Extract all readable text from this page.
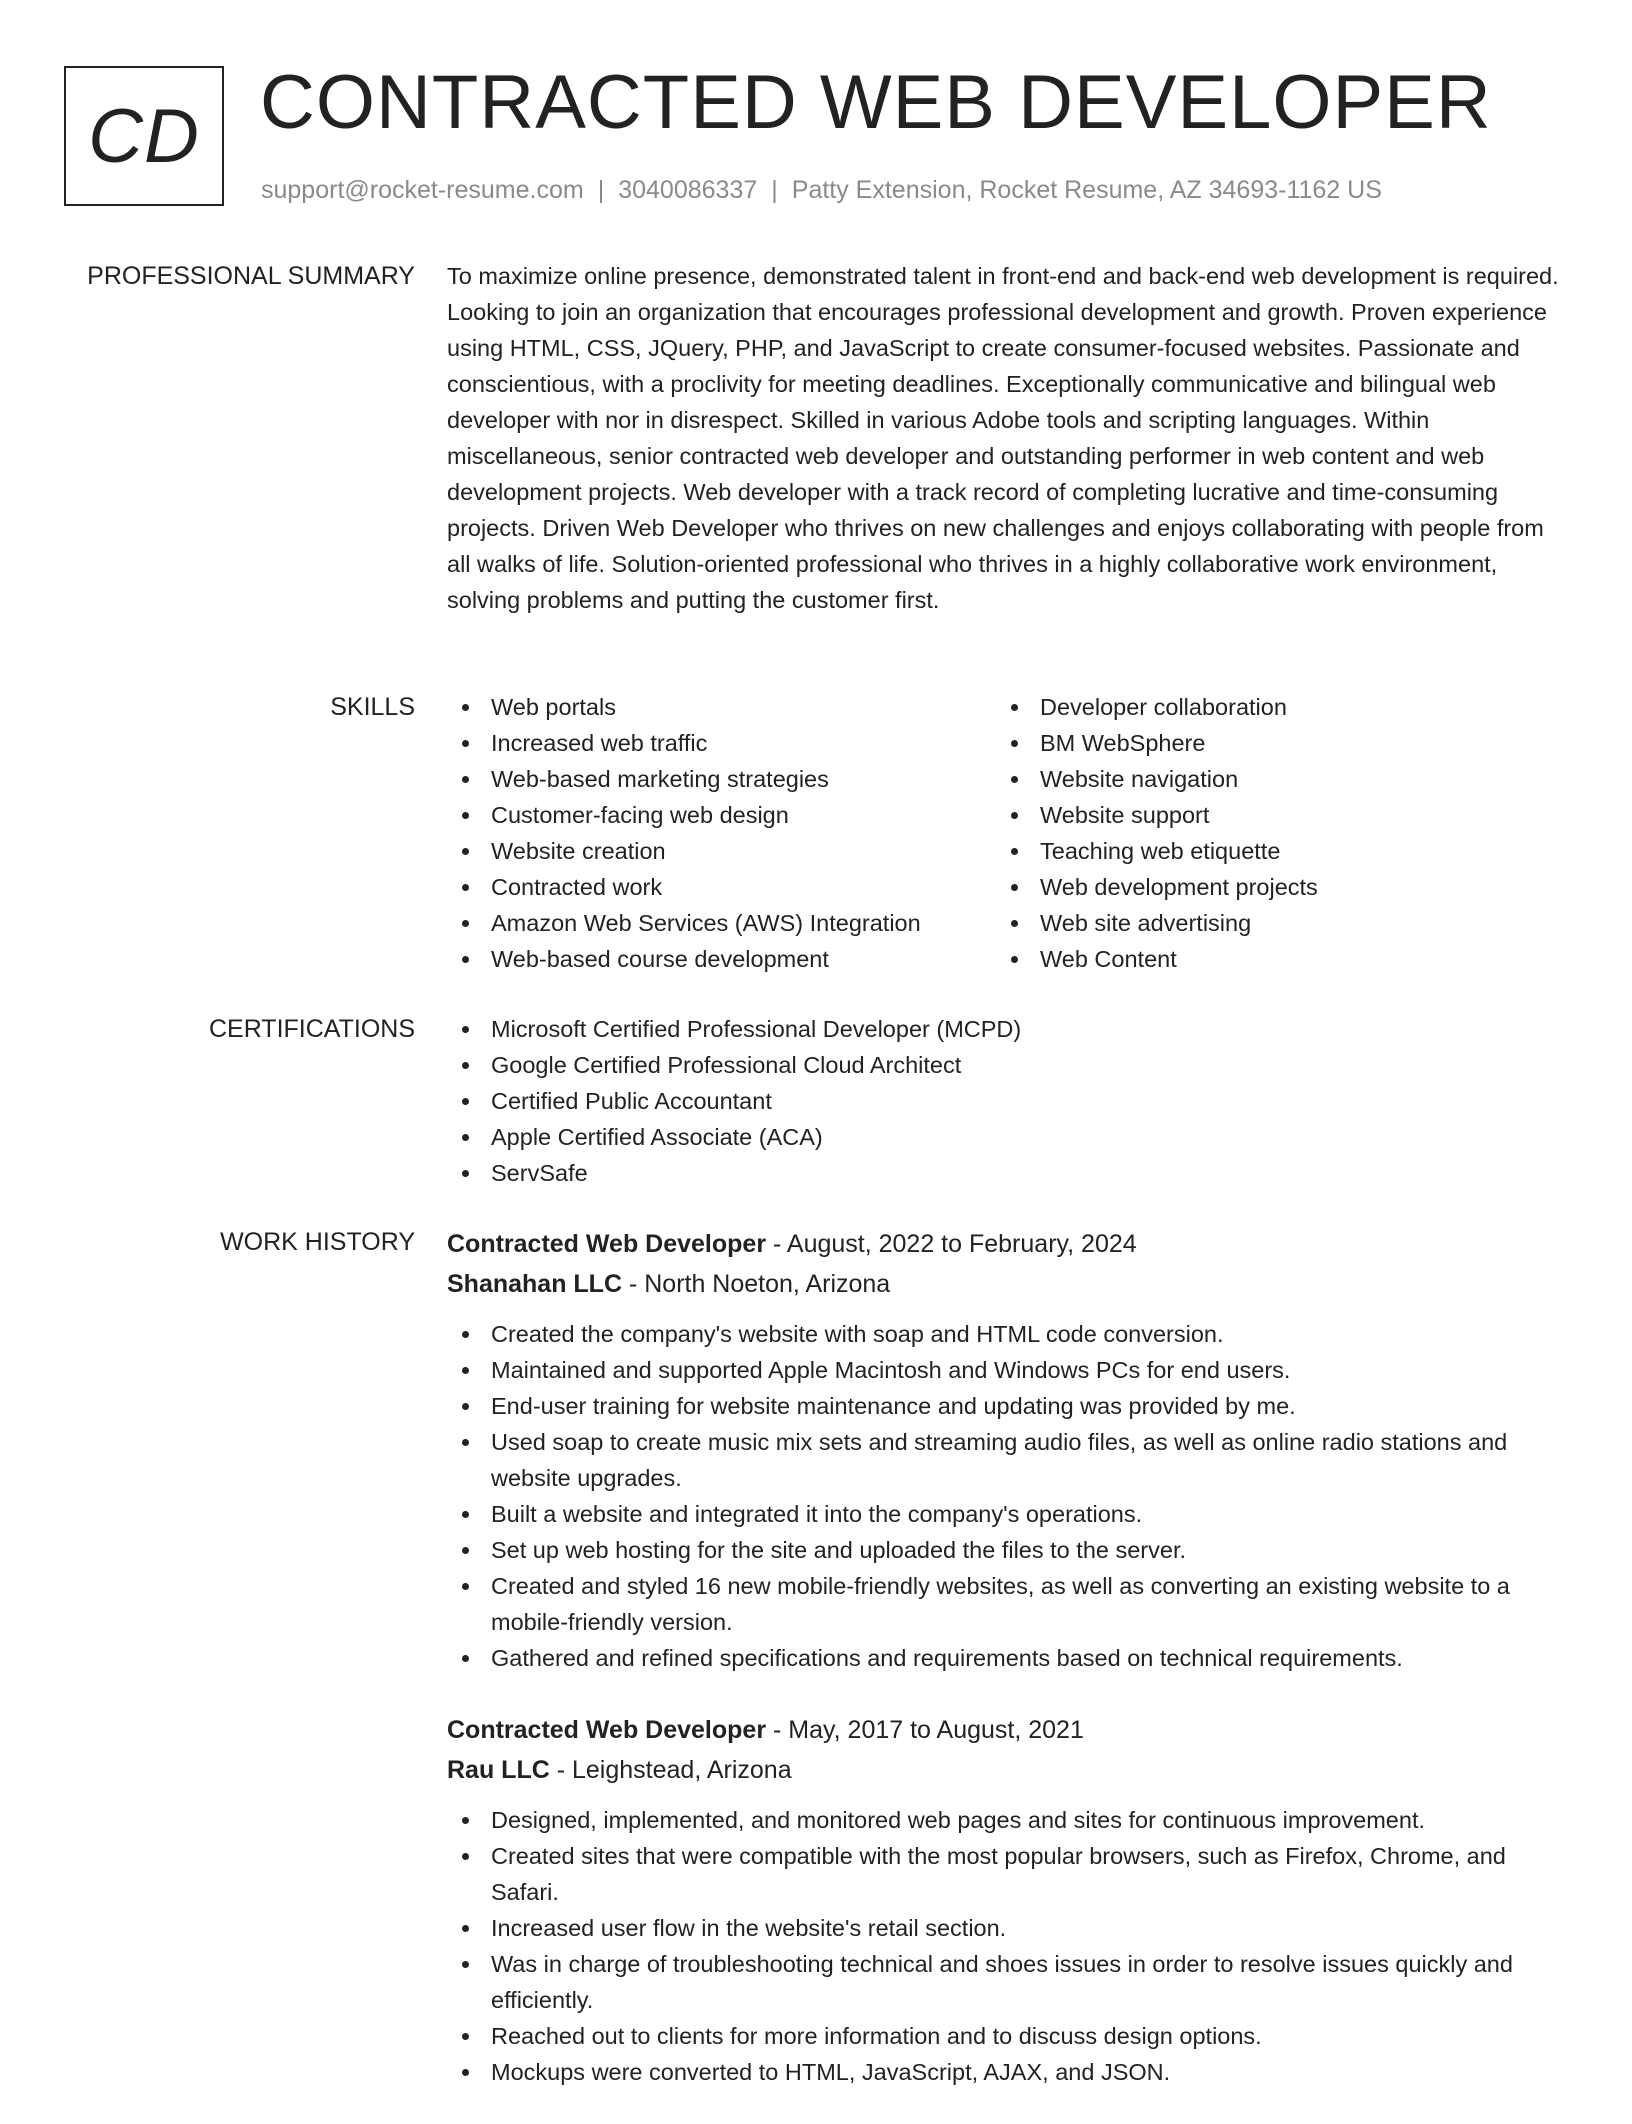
CD CONTRACTED WEB DEVELOPER
support@rocket-resume.com | 3040086337 | Patty Extension, Rocket Resume, AZ 34693-1162 US
PROFESSIONAL SUMMARY To maximize online presence, demonstrated talent in front-end and back-end web development is required. Looking to join an organization that encourages professional development and growth. Proven experience using HTML, CSS, JQuery, PHP, and JavaScript to create consumer-focused websites. Passionate and conscientious, with a proclivity for meeting deadlines. Exceptionally communicative and bilingual web developer with nor in disrespect. Skilled in various Adobe tools and scripting languages. Within miscellaneous, senior contracted web developer and outstanding performer in web content and web development projects. Web developer with a track record of completing lucrative and time-consuming projects. Driven Web Developer who thrives on new challenges and enjoys collaborating with people from all walks of life. Solution-oriented professional who thrives in a highly collaborative work environment, solving problems and putting the customer first.

SKILLS	Web portals
Increased web traffic
Web-based marketing strategies
Customer-facing web design
Website creation
Contracted work
Amazon Web Services (AWS) Integration
Web-based course development
Developer collaboration
BM WebSphere
Website navigation
Website support
Teaching web etiquette
Web development projects
Web site advertising
Web Content
CERTIFICATIONS	Microsoft Certified Professional Developer (MCPD)
Google Certified Professional Cloud Architect
Certified Public Accountant
Apple Certified Associate (ACA)
ServSafe
WORK HISTORY Contracted Web Developer - August, 2022 to February, 2024
Shanahan LLC - North Noeton, Arizona
Created the company's website with soap and HTML code conversion.
Maintained and supported Apple Macintosh and Windows PCs for end users.
End-user training for website maintenance and updating was provided by me.
Used soap to create music mix sets and streaming audio files, as well as online radio stations and website upgrades.
Built a website and integrated it into the company's operations.
Set up web hosting for the site and uploaded the files to the server.
Created and styled 16 new mobile-friendly websites, as well as converting an existing website to a mobile-friendly version.
Gathered and refined specifications and requirements based on technical requirements.
Contracted Web Developer - May, 2017 to August, 2021
Rau LLC - Leighstead, Arizona
Designed, implemented, and monitored web pages and sites for continuous improvement.
Created sites that were compatible with the most popular browsers, such as Firefox, Chrome, and Safari.
Increased user flow in the website's retail section.
Was in charge of troubleshooting technical and shoes issues in order to resolve issues quickly and efficiently.
Reached out to clients for more information and to discuss design options.
Mockups were converted to HTML, JavaScript, AJAX, and JSON.
